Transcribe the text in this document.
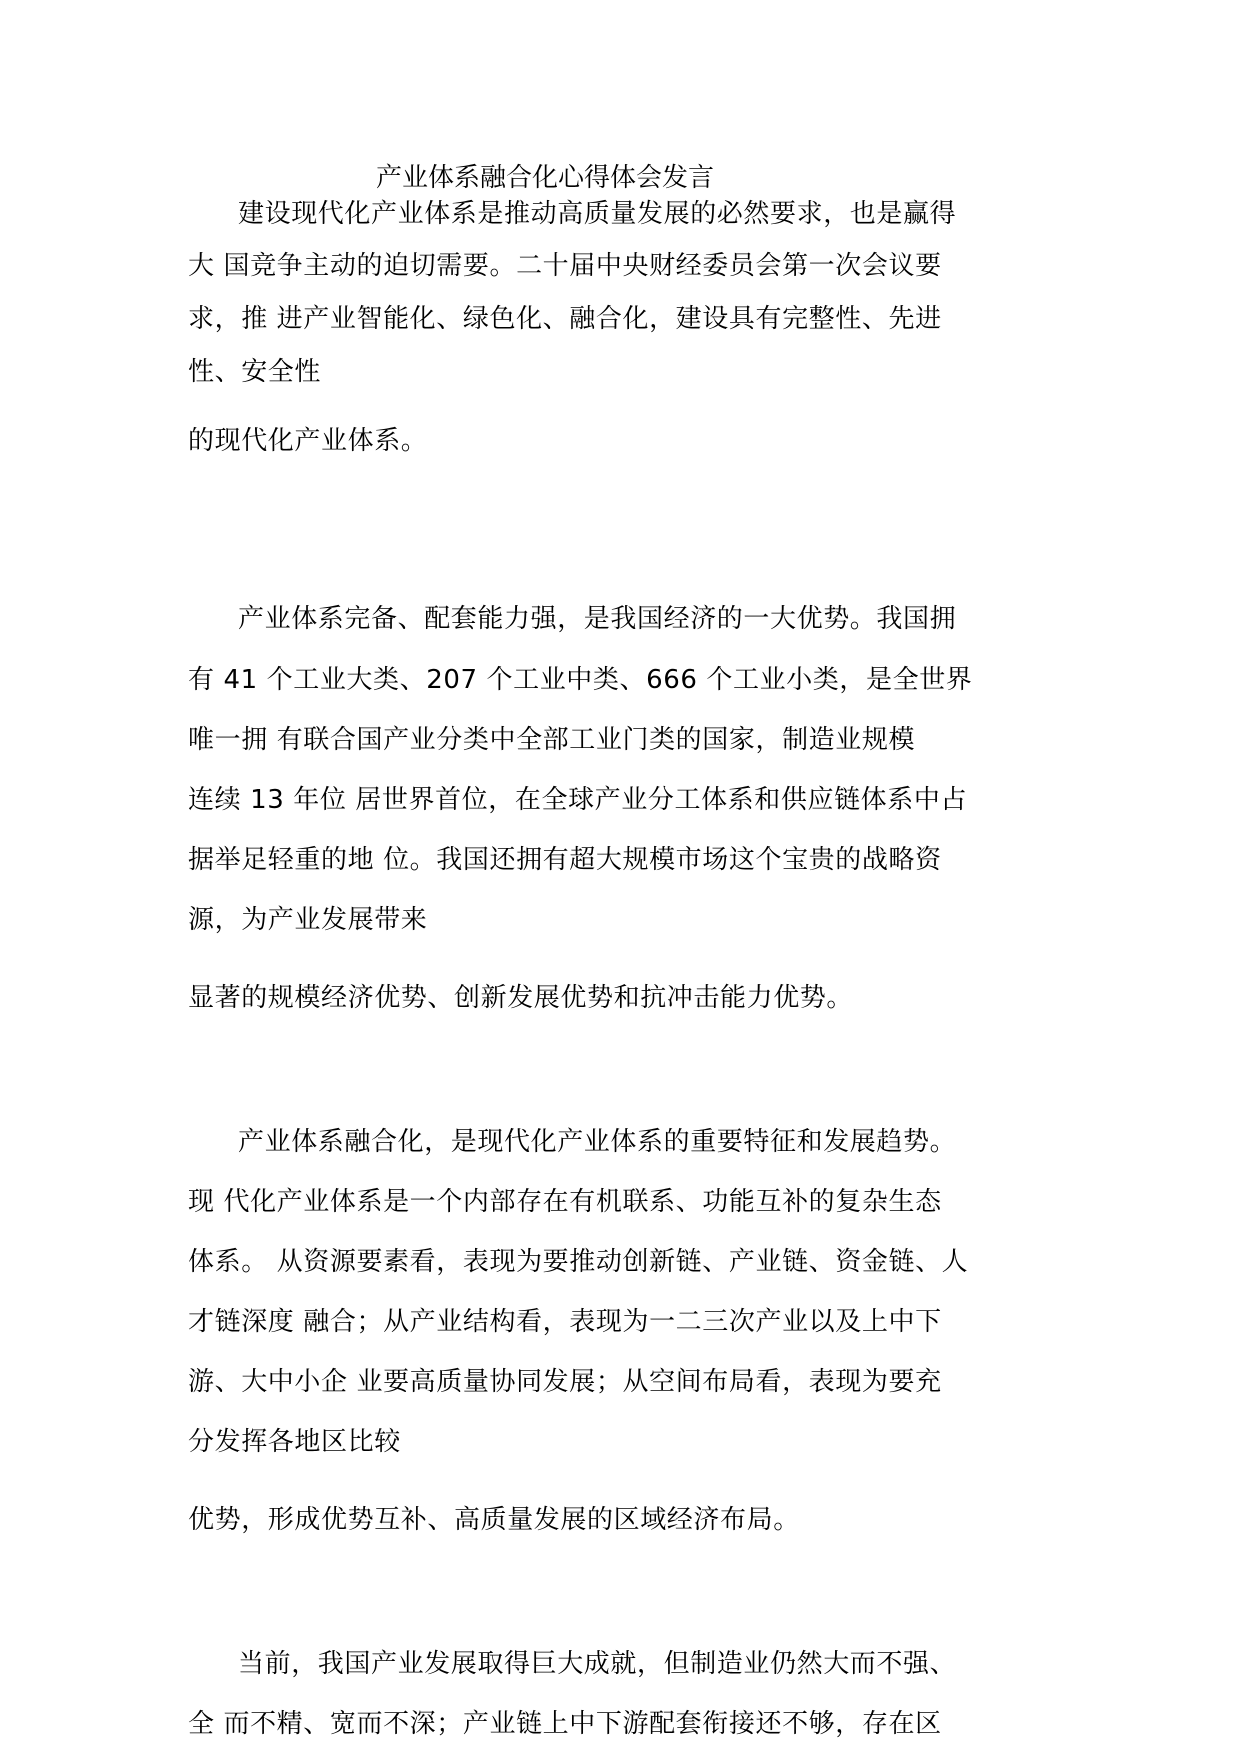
产业体系融合化心得体会发言
建设现代化产业体系是推动高质量发展的必然要求，也是赢得
大 国竞争主动的迫切需要。二十届中央财经委员会第一次会议要
求，推 进产业智能化、绿色化、融合化，建设具有完整性、先进
性、安全性
的现代化产业体系。
产业体系完备、配套能力强，是我国经济的一大优势。我国拥
有 41 个工业大类、207 个工业中类、666 个工业小类，是全世界
唯一拥 有联合国产业分类中全部工业门类的国家，制造业规模
连续 13 年位 居世界首位，在全球产业分工体系和供应链体系中占
据举足轻重的地 位。我国还拥有超大规模市场这个宝贵的战略资
源，为产业发展带来
显著的规模经济优势、创新发展优势和抗冲击能力优势。
产业体系融合化，是现代化产业体系的重要特征和发展趋势。
现 代化产业体系是一个内部存在有机联系、功能互补的复杂生态
体系。 从资源要素看，表现为要推动创新链、产业链、资金链、人
才链深度 融合；从产业结构看，表现为一二三次产业以及上中下
游、大中小企 业要高质量协同发展；从空间布局看，表现为要充
分发挥各地区比较
优势，形成优势互补、高质量发展的区域经济布局。
当前，我国产业发展取得巨大成就，但制造业仍然大而不强、
全 而不精、宽而不深；产业链上中下游配套衔接还不够，存在区
